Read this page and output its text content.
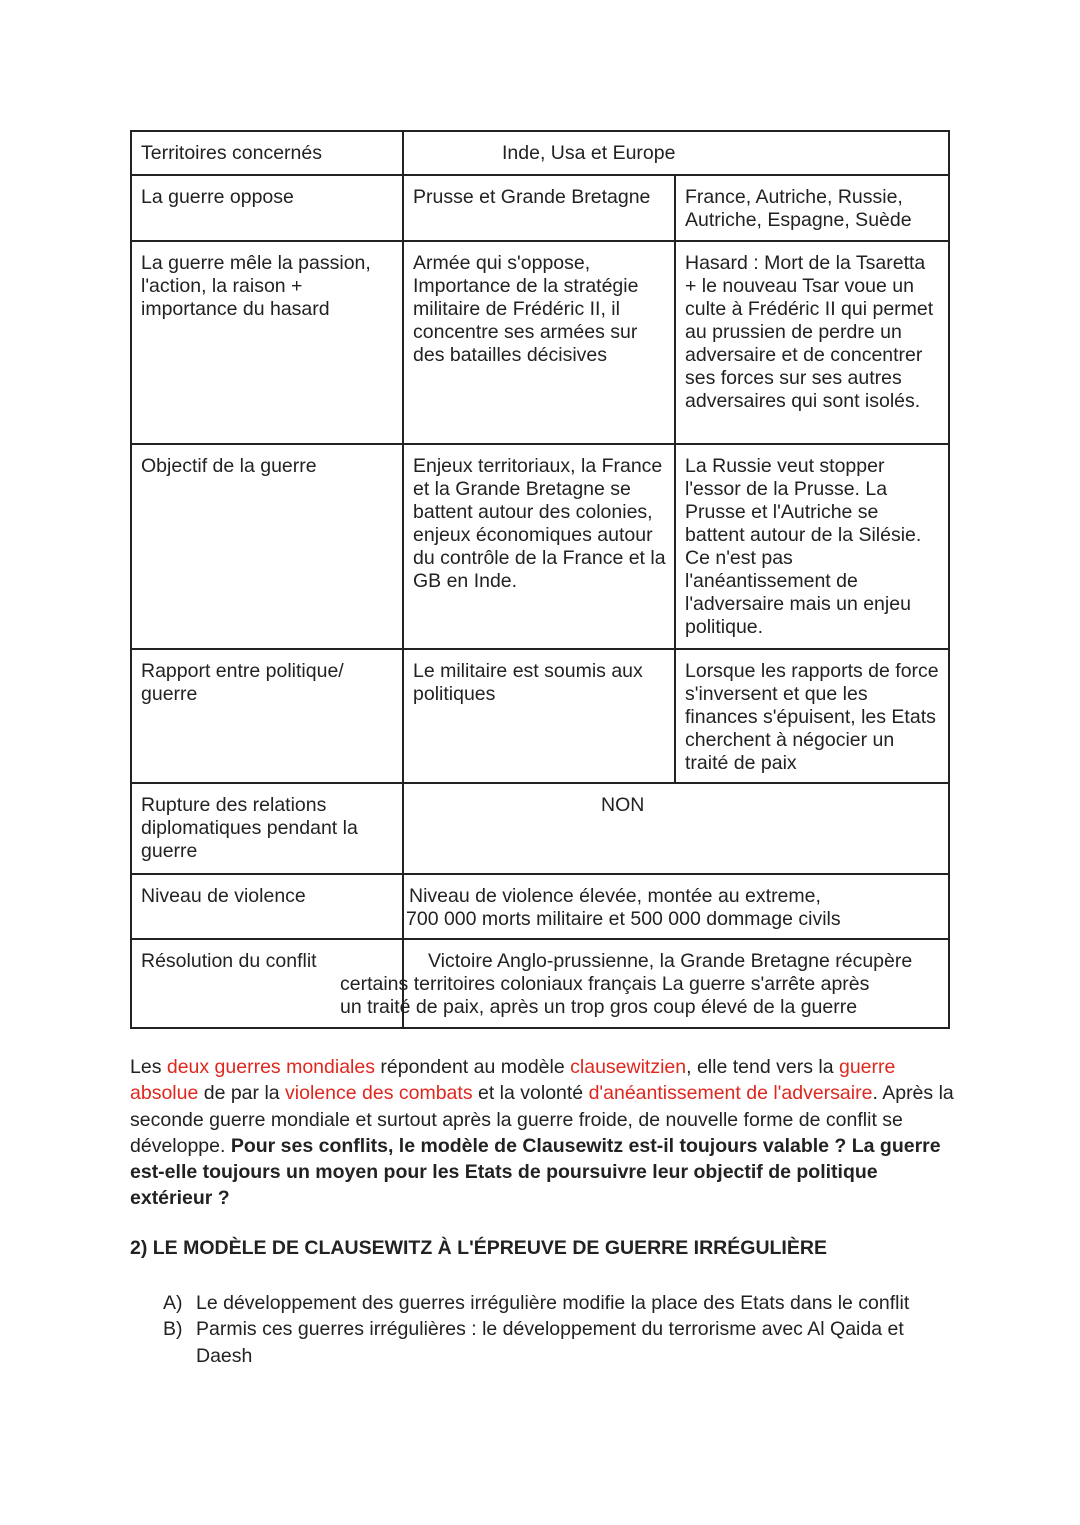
Territoires concernés	Inde, Usa et Europe	
La guerre oppose	Prusse et Grande Bretagne	France, Autriche, Russie, Autriche, Espagne, Suède
La guerre mêle la passion, l'action, la raison + importance du hasard	Armée qui s'oppose, Importance de la stratégie militaire de Frédéric II, il concentre ses armées sur des batailles décisives	Hasard : Mort de la Tsaretta + le nouveau Tsar voue un culte à Frédéric II qui permet au prussien de perdre un adversaire et de concentrer ses forces sur ses autres adversaires qui sont isolés.
Objectif de la guerre	Enjeux territoriaux, la France et la Grande Bretagne se battent autour des colonies, enjeux économiques autour du contrôle de la France et la GB en Inde.	La Russie veut stopper l'essor de la Prusse. La Prusse et l'Autriche se battent autour de la Silésie. Ce n'est pas l'anéantissement de l'adversaire mais un enjeu politique.
Rapport entre politique/ guerre	Le militaire est soumis aux politiques	Lorsque les rapports de force s'inversent et que les finances s'épuisent, les Etats cherchent à négocier un traité de paix
Rupture des relations diplomatiques pendant la guerre	NON	
Niveau de violence	Niveau de violence élevée, montée au extreme,
700 000 morts militaire et 500 000 dommage civils	

Résolution du conflit	Victoire Anglo-prussienne, la Grande Bretagne récupère
certains territoires coloniaux français La guerre s'arrête après
un traité de paix, après un trop gros coup élevé de la guerre	
Les deux guerres mondiales répondent au modèle clausewitzien, elle tend vers la guerre absolue de par la violence des combats et la volonté d'anéantissement de l'adversaire. Après la seconde guerre mondiale et surtout après la guerre froide, de nouvelle forme de conflit se développe. Pour ses conflits, le modèle de Clausewitz est-il toujours valable ? La guerre est-elle toujours un moyen pour les Etats de poursuivre leur objectif de politique extérieur ?
2) LE MODÈLE DE CLAUSEWITZ À L'ÉPREUVE DE GUERRE IRRÉGULIÈRE
A) Le développement des guerres irrégulière modifie la place des Etats dans le conflit
B) Parmis ces guerres irrégulières : le développement du terrorisme avec Al Qaida et Daesh
